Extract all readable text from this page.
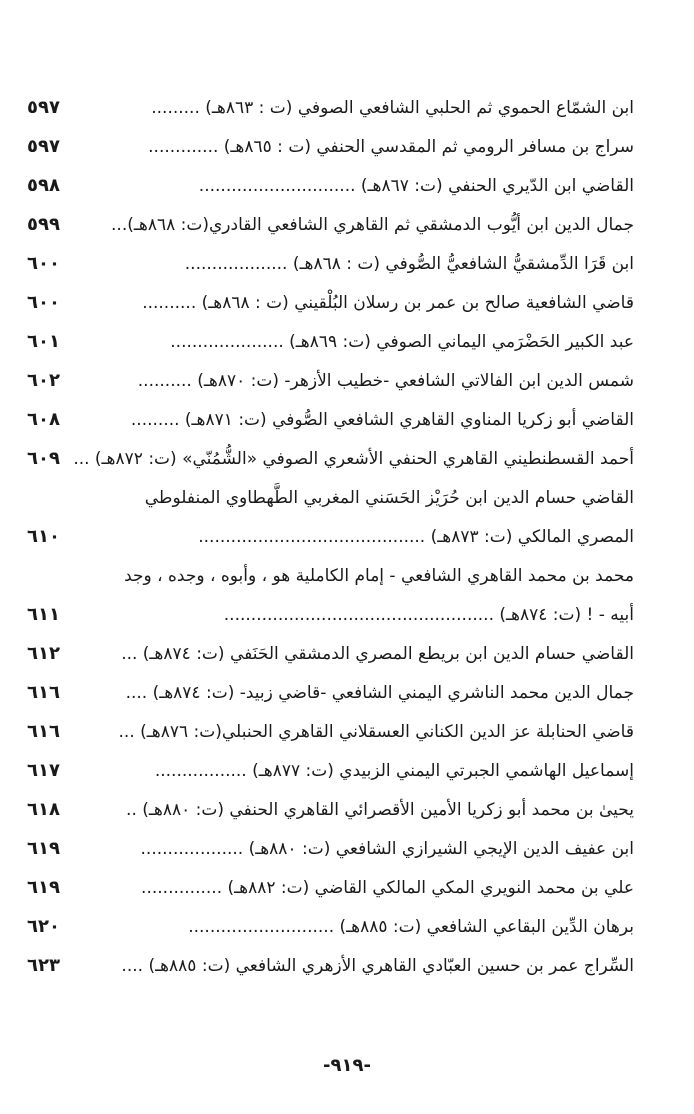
ابن الشمّاع الحموي ثم الحلبي الشافعي الصوفي (ت : ٨٦٣هـ) .........
٥٩٧
سراج بن مسافر الرومي ثم المقدسي الحنفي (ت : ٨٦٥هـ) .............
٥٩٧
القاضي ابن الدّيري الحنفي (ت: ٨٦٧هـ) .............................
٥٩٨
جمال الدين ابن أيُّوب الدمشقي ثم القاهري الشافعي القادري(ت: ٨٦٨هـ)...
٥٩٩
ابن قَرَا الدِّمشقيُّ الشافعيُّ الصُّوفي (ت : ٨٦٨هـ) ...................
٦٠٠
قاضي الشافعية صالح بن عمر بن رسلان البُلْقيني (ت : ٨٦٨هـ) ..........
٦٠٠
عبد الكبير الحَضْرَمي اليماني الصوفي (ت: ٨٦٩هـ) .....................
٦٠١
شمس الدين ابن الفالاتي الشافعي -خطيب الأزهر- (ت: ٨٧٠هـ) ..........
٦٠٢
القاضي أبو زكريا المناوي القاهري الشافعي الصُّوفي (ت: ٨٧١هـ) .........
٦٠٨
أحمد القسطنطيني القاهري الحنفي الأشعري الصوفي «الشُّمُنّي» (ت: ٨٧٢هـ) ...
٦٠٩
القاضي حسام الدين ابن حُرَيْز الحَسَني المغربي الطَّهطاوي المنفلوطي
المصري المالكي (ت: ٨٧٣هـ) ..........................................
٦١٠
محمد بن محمد القاهري الشافعي - إمام الكاملية هو ، وأبوه ، وجده ، وجد
أبيه - ! (ت: ٨٧٤هـ) ..................................................
٦١١
القاضي حسام الدين ابن بريطع المصري الدمشقي الحَنَفي (ت: ٨٧٤هـ) ...
٦١٢
جمال الدين محمد الناشري اليمني الشافعي -قاضي زبيد- (ت: ٨٧٤هـ) ....
٦١٦
قاضي الحنابلة عز الدين الكناني العسقلاني القاهري الحنبلي(ت: ٨٧٦هـ) ...
٦١٦
إسماعيل الهاشمي الجبرتي اليمني الزبيدي (ت: ٨٧٧هـ) .................
٦١٧
يحيىٰ بن محمد أبو زكريا الأمين الأقصرائي القاهري الحنفي (ت: ٨٨٠هـ) ..
٦١٨
ابن عفيف الدين الإيجي الشيرازي الشافعي (ت: ٨٨٠هـ) ...................
٦١٩
علي بن محمد النويري المكي المالكي القاضي (ت: ٨٨٢هـ) ...............
٦١٩
برهان الدِّين البقاعي الشافعي (ت: ٨٨٥هـ) ...........................
٦٢٠
السِّراج عمر بن حسين العبّادي القاهري الأزهري الشافعي (ت: ٨٨٥هـ) ....
٦٢٣
-٩١٩-
